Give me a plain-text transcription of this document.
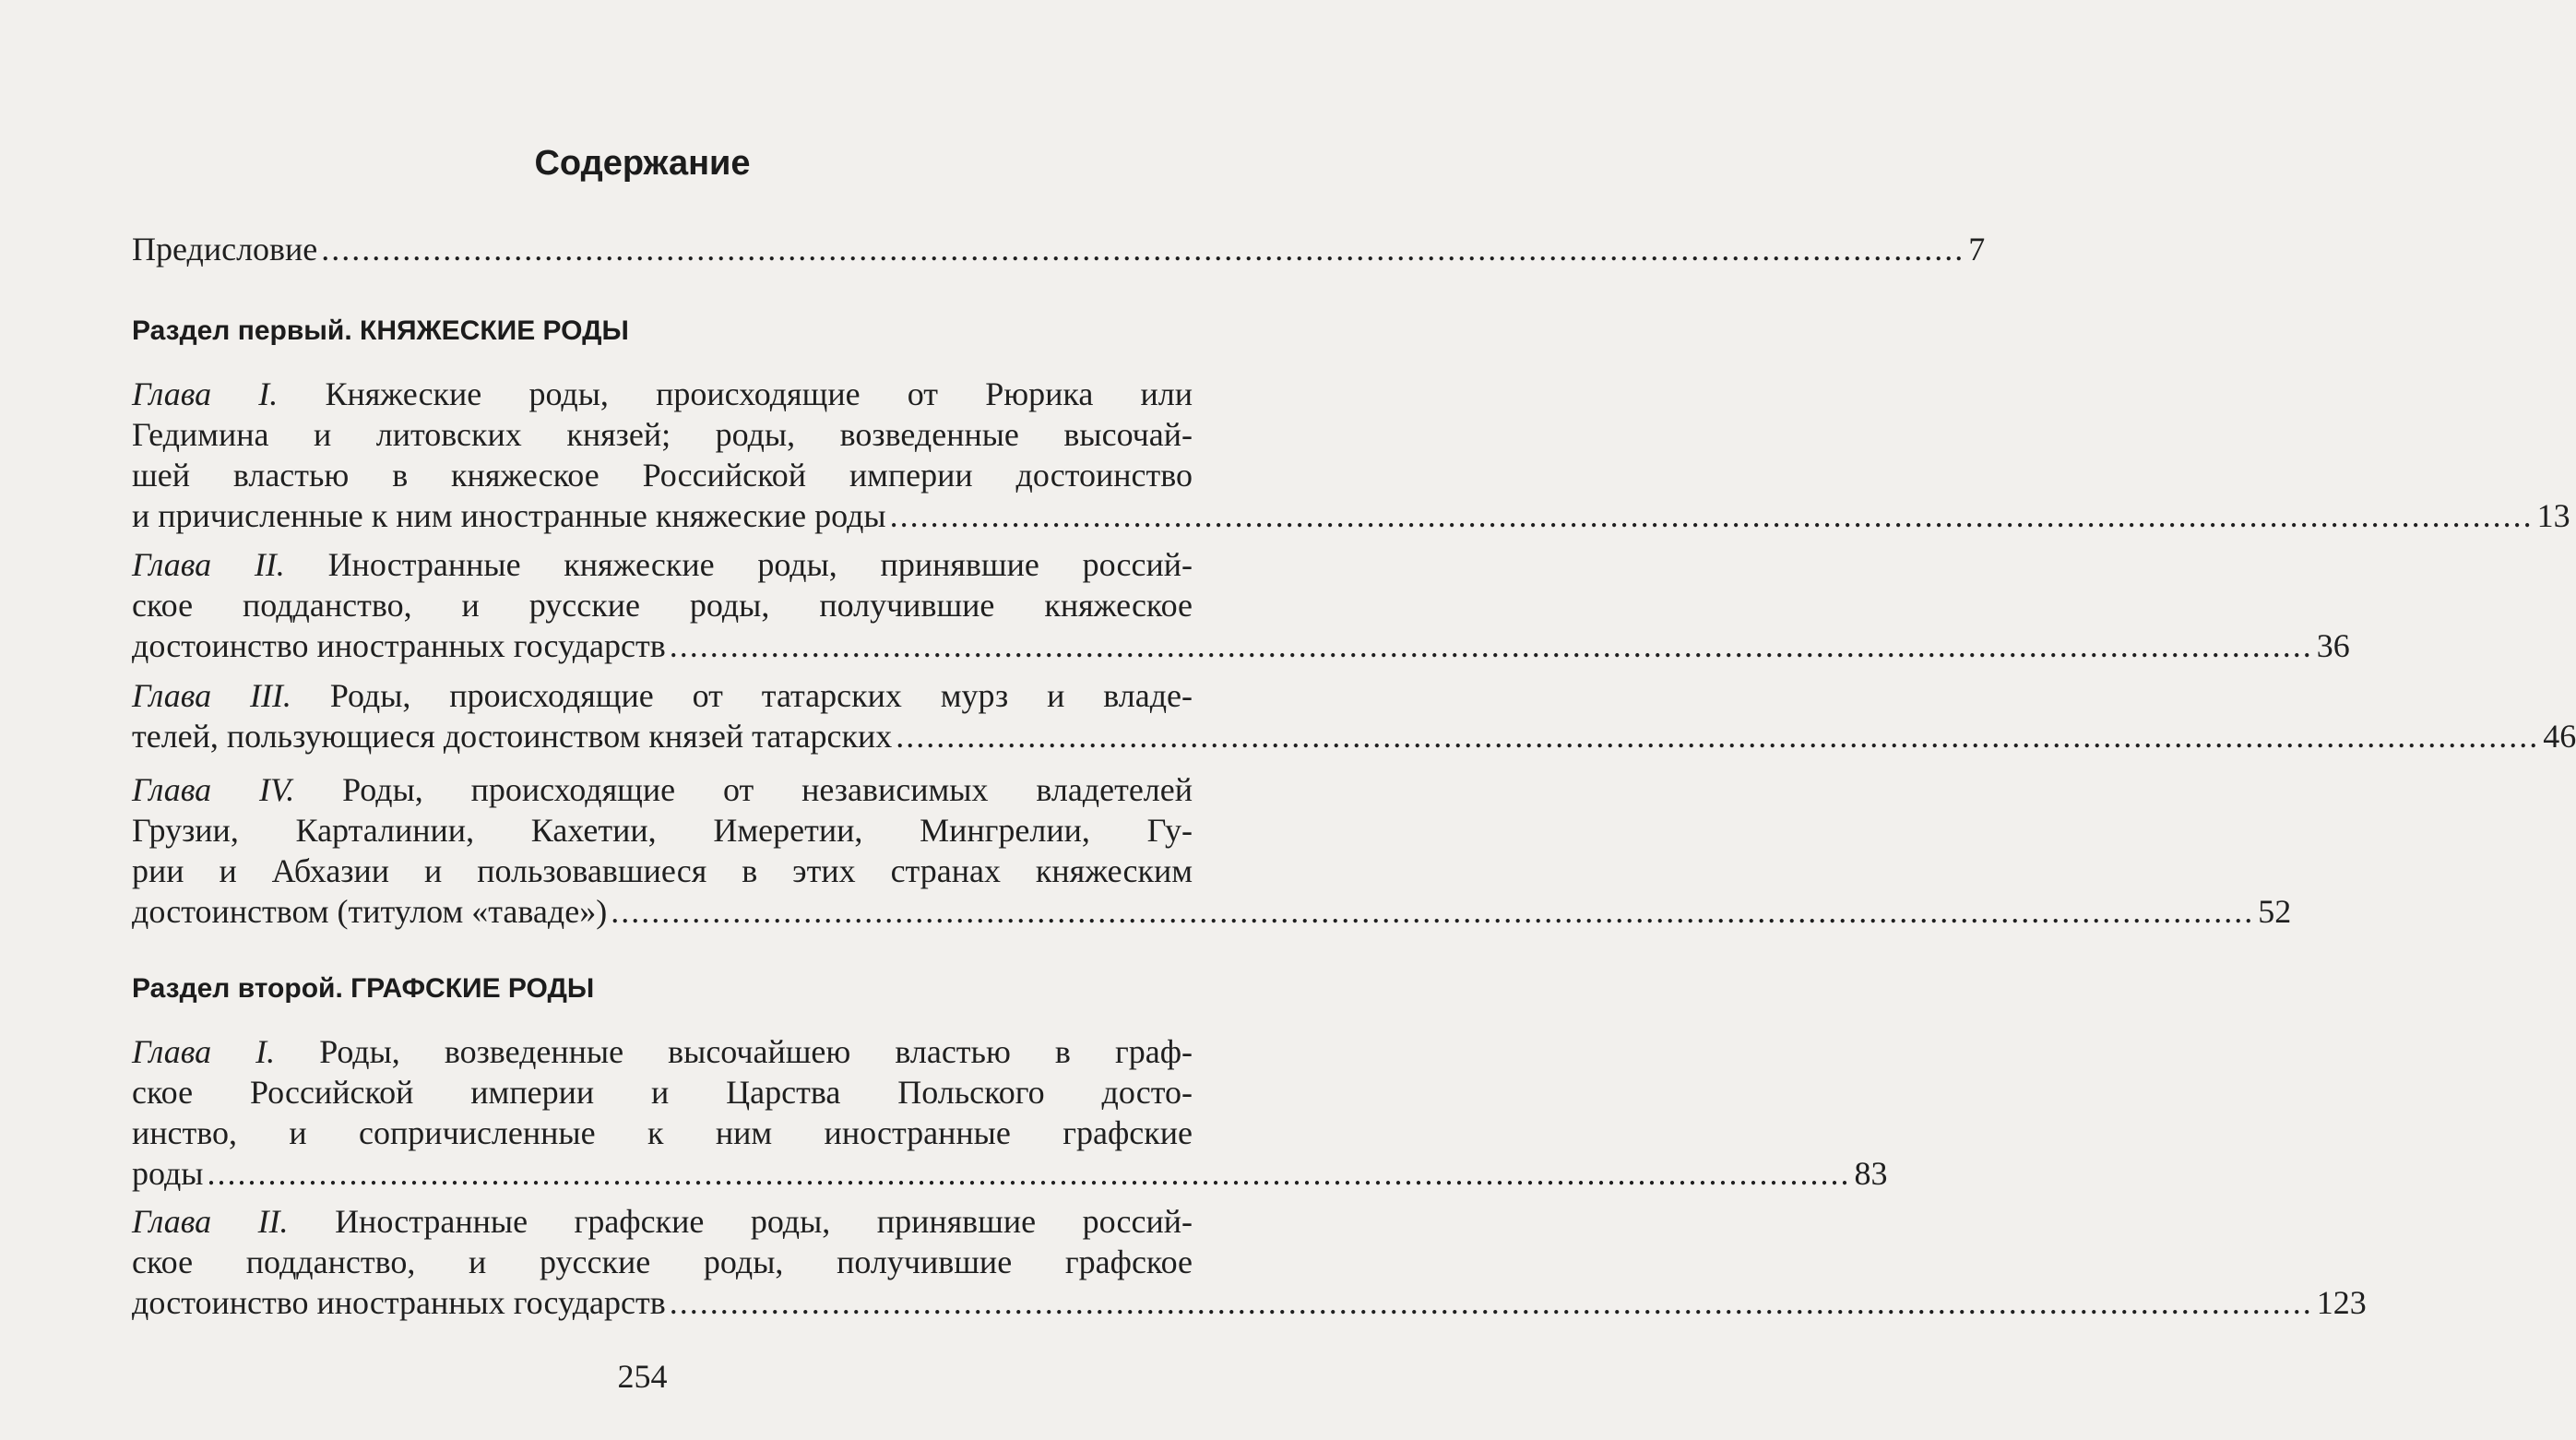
Содержание
Предисловие .................................................................................................................................................................. 7
Раздел первый. КНЯЖЕСКИЕ РОДЫ
Глава I. Княжеские роды, происходящие от Рюрика или
Гедимина и литовских князей; роды, возведенные высочай-
шей властью в княжеское Российской империи достоинство
и причисленные к ним иностранные княжеские роды .................................................................................................................................................................. 13
Глава II. Иностранные княжеские роды, принявшие россий-
ское подданство, и русские роды, получившие княжеское
достоинство иностранных государств .................................................................................................................................................................. 36
Глава III. Роды, происходящие от татарских мурз и владе-
телей, пользующиеся достоинством князей татарских .................................................................................................................................................................. 46
Глава IV. Роды, происходящие от независимых владетелей
Грузии, Карталинии, Кахетии, Имеретии, Мингрелии, Гу-
рии и Абхазии и пользовавшиеся в этих странах княжеским
достоинством (титулом «таваде») .................................................................................................................................................................. 52
Раздел второй. ГРАФСКИЕ РОДЫ
Глава I. Роды, возведенные высочайшею властью в граф-
ское Российской империи и Царства Польского досто-
инство, и сопричисленные к ним иностранные графские
роды .................................................................................................................................................................. 83
Глава II. Иностранные графские роды, принявшие россий-
ское подданство, и русские роды, получившие графское
достоинство иностранных государств .................................................................................................................................................................. 123
254
